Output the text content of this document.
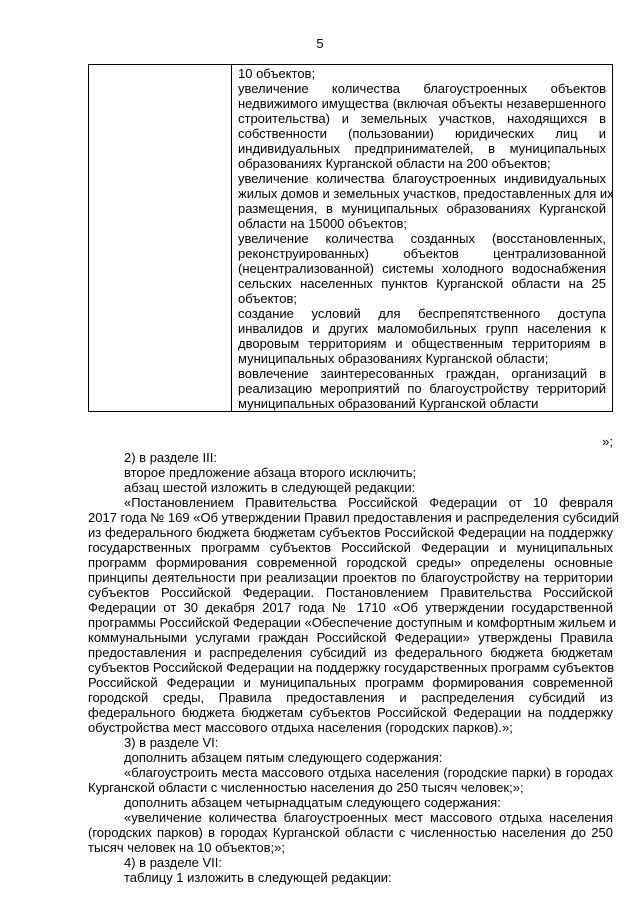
5

10 объектов;
увеличение количества благоустроенных объектов
недвижимого имущества (включая объекты незавершенного
строительства) и земельных участков, находящихся в
собственности (пользовании) юридических лиц и
индивидуальных предпринимателей, в муниципальных
образованиях Курганской области на 200 объектов;
увеличение количества благоустроенных индивидуальных
жилых домов и земельных участков, предоставленных для их
размещения, в муниципальных образованиях Курганской
области на 15000 объектов;
увеличение количества созданных (восстановленных,
реконструированных) объектов централизованной
(нецентрализованной) системы холодного водоснабжения
сельских населенных пунктов Курганской области на 25
объектов;
создание условий для беспрепятственного доступа
инвалидов и других маломобильных групп населения к
дворовым территориям и общественным территориям в
муниципальных образованиях Курганской области;
вовлечение заинтересованных граждан, организаций в
реализацию мероприятий по благоустройству территорий
муниципальных образований Курганской области
»;
2) в разделе III:
второе предложение абзаца второго исключить;
абзац шестой изложить в следующей редакции:
«Постановлением Правительства Российской Федерации от 10 февраля
2017 года № 169 «Об утверждении Правил предоставления и распределения субсидий
из федерального бюджета бюджетам субъектов Российской Федерации на поддержку
государственных программ субъектов Российской Федерации и муниципальных
программ формирования современной городской среды» определены основные
принципы деятельности при реализации проектов по благоустройству на территории
субъектов Российской Федерации. Постановлением Правительства Российской
Федерации от 30 декабря 2017 года № 1710 «Об утверждении государственной
программы Российской Федерации «Обеспечение доступным и комфортным жильем и
коммунальными услугами граждан Российской Федерации» утверждены Правила
предоставления и распределения субсидий из федерального бюджета бюджетам
субъектов Российской Федерации на поддержку государственных программ субъектов
Российской Федерации и муниципальных программ формирования современной
городской среды, Правила предоставления и распределения субсидий из
федерального бюджета бюджетам субъектов Российской Федерации на поддержку
обустройства мест массового отдыха населения (городских парков).»;
3) в разделе VI:
дополнить абзацем пятым следующего содержания:
«благоустроить места массового отдыха населения (городские парки) в городах
Курганской области с численностью населения до 250 тысяч человек;»;
дополнить абзацем четырнадцатым следующего содержания:
«увеличение количества благоустроенных мест массового отдыха населения
(городских парков) в городах Курганской области с численностью населения до 250
тысяч человек на 10 объектов;»;
4) в разделе VII:
таблицу 1 изложить в следующей редакции:
